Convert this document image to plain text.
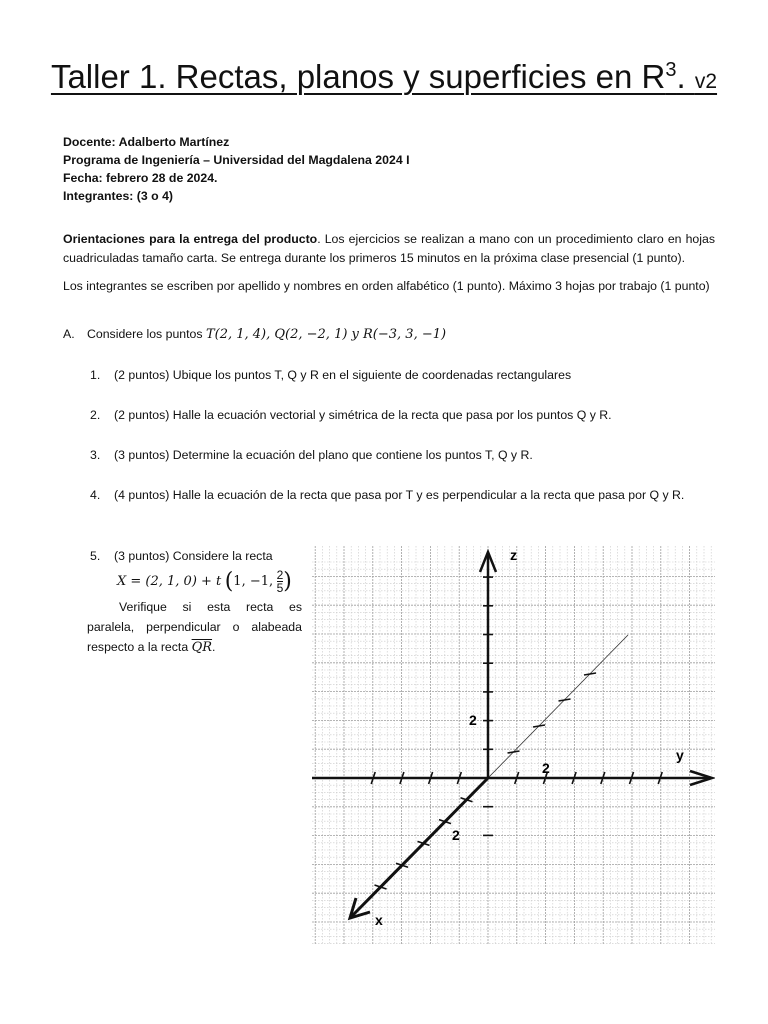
Taller 1. Rectas, planos y superficies en $R^3$. v2
Docente: Adalberto Martínez
Programa de Ingeniería – Universidad del Magdalena 2024 I
Fecha: febrero 28 de 2024.
Integrantes: (3 o 4)
Orientaciones para la entrega del producto. Los ejercicios se realizan a mano con un procedimiento claro en hojas cuadriculadas tamaño carta. Se entrega durante los primeros 15 minutos en la próxima clase presencial (1 punto).
Los integrantes se escriben por apellido y nombres en orden alfabético (1 punto). Máximo 3 hojas por trabajo (1 punto)
A. Considere los puntos T(2, 1, 4), Q(2, −2, 1) y R(−3, 3, −1)
1. (2 puntos) Ubique los puntos T, Q y R en el siguiente de coordenadas rectangulares
2. (2 puntos) Halle la ecuación vectorial y simétrica de la recta que pasa por los puntos Q y R.
3. (3 puntos) Determine la ecuación del plano que contiene los puntos T, Q y R.
4. (4 puntos) Halle la ecuación de la recta que pasa por T y es perpendicular a la recta que pasa por Q y R.
5. (3 puntos) Considere la recta
X = (2, 1, 0) + t (1, −1, $\frac{2}{5}$ )
Verifique si esta recta es paralela, perpendicular o alabeada respecto a la recta $\overline{QR}$.
z
y
x
2
2
2
